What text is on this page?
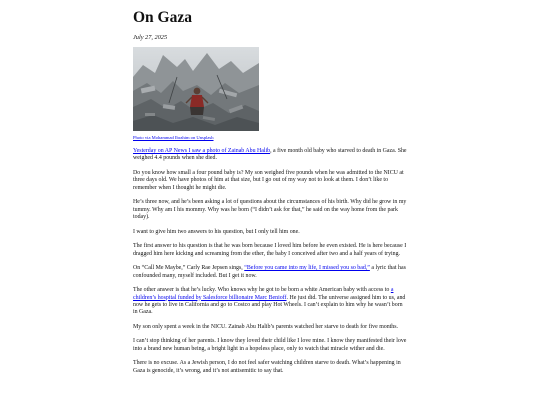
On Gaza

July 27, 2025

Photo via Mohammad Ibrahim on Unsplash

Yesterday on AP News I saw a photo of Zainab Abu Halib, a five month old baby who starved to death in Gaza. She weighed 4.4 pounds when she died.

Do you know how small a four pound baby is? My son weighed five pounds when he was admitted to the NICU at three days old. We have photos of him at that size, but I go out of my way not to look at them. I don’t like to remember when I thought he might die.

He’s three now, and he’s been asking a lot of questions about the circumstances of his birth. Why did he grow in my tummy. Why am I his mommy. Why was he born (“I didn’t ask for that,” he said on the way home from the park today).

I want to give him two answers to his question, but I only tell him one.

The first answer to his question is that he was born because I loved him before he even existed. He is here because I dragged him here kicking and screaming from the ether, the baby I conceived after two and a half years of trying.

On “Call Me Maybe,” Carly Rae Jepsen sings, “Before you came into my life, I missed you so bad,” a lyric that has confounded many, myself included. But I get it now.

The other answer is that he’s lucky. Who knows why he got to be born a white American baby with access to a children’s hospital funded by Salesforce billionaire Marc Benioff. He just did. The universe assigned him to us, and now he gets to live in California and go to Costco and play Hot Wheels. I can’t explain to him why he wasn’t born in Gaza.

My son only spent a week in the NICU. Zainab Abu Halib’s parents watched her starve to death for five months.

I can’t stop thinking of her parents. I know they loved their child like I love mine. I know they manifested their love into a brand new human being, a bright light in a hopeless place, only to watch that miracle wither and die.

There is no excuse. As a Jewish person, I do not feel safer watching children starve to death. What’s happening in Gaza is genocide, it’s wrong, and it’s not antisemitic to say that.
